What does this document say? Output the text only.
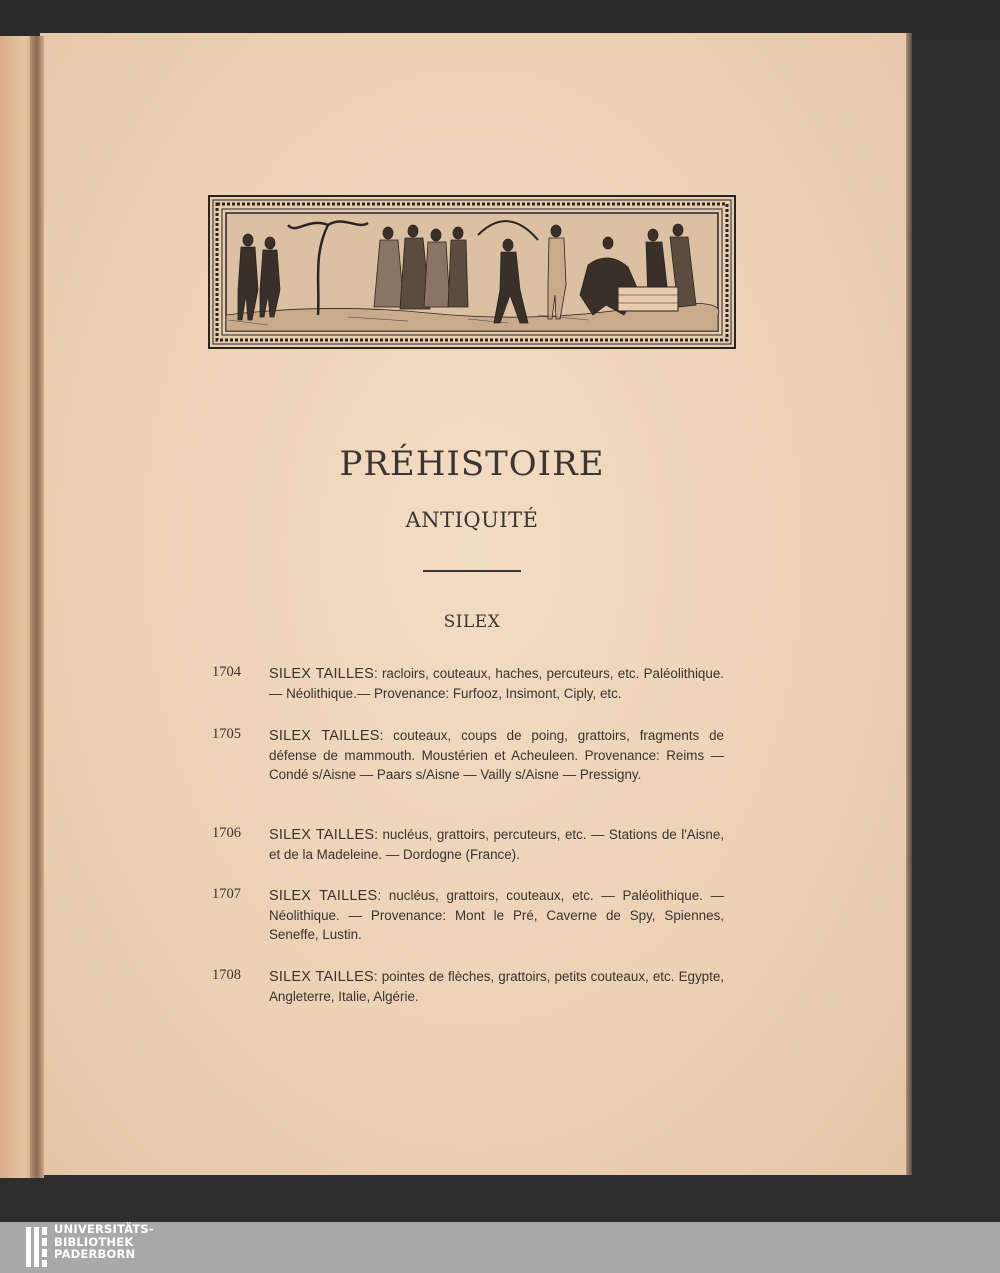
PRÉHISTOIRE
ANTIQUITÉ
SILEX
1704	SILEX TAILLES: racloirs, couteaux, haches, percuteurs, etc. Paléolithique. — Néolithique.— Provenance: Furfooz, Insimont, Ciply, etc.
1705	SILEX TAILLES: couteaux, coups de poing, grattoirs, fragments de défense de mammouth. Moustérien et Acheuleen. Provenance: Reims — Condé s/Aisne — Paars s/Aisne — Vailly s/Aisne — Pressigny.
1706	SILEX TAILLES: nucléus, grattoirs, percuteurs, etc. — Stations de l'Aisne, et de la Madeleine. — Dordogne (France).
1707	SILEX TAILLES: nucléus, grattoirs, couteaux, etc. — Paléolithique. — Néolithique. — Provenance: Mont le Pré, Caverne de Spy, Spiennes, Seneffe, Lustin.
1708	SILEX TAILLES: pointes de flèches, grattoirs, petits couteaux, etc. Egypte, Angleterre, Italie, Algérie.
UNIVERSITÄTS-
BIBLIOTHEK
PADERBORN
